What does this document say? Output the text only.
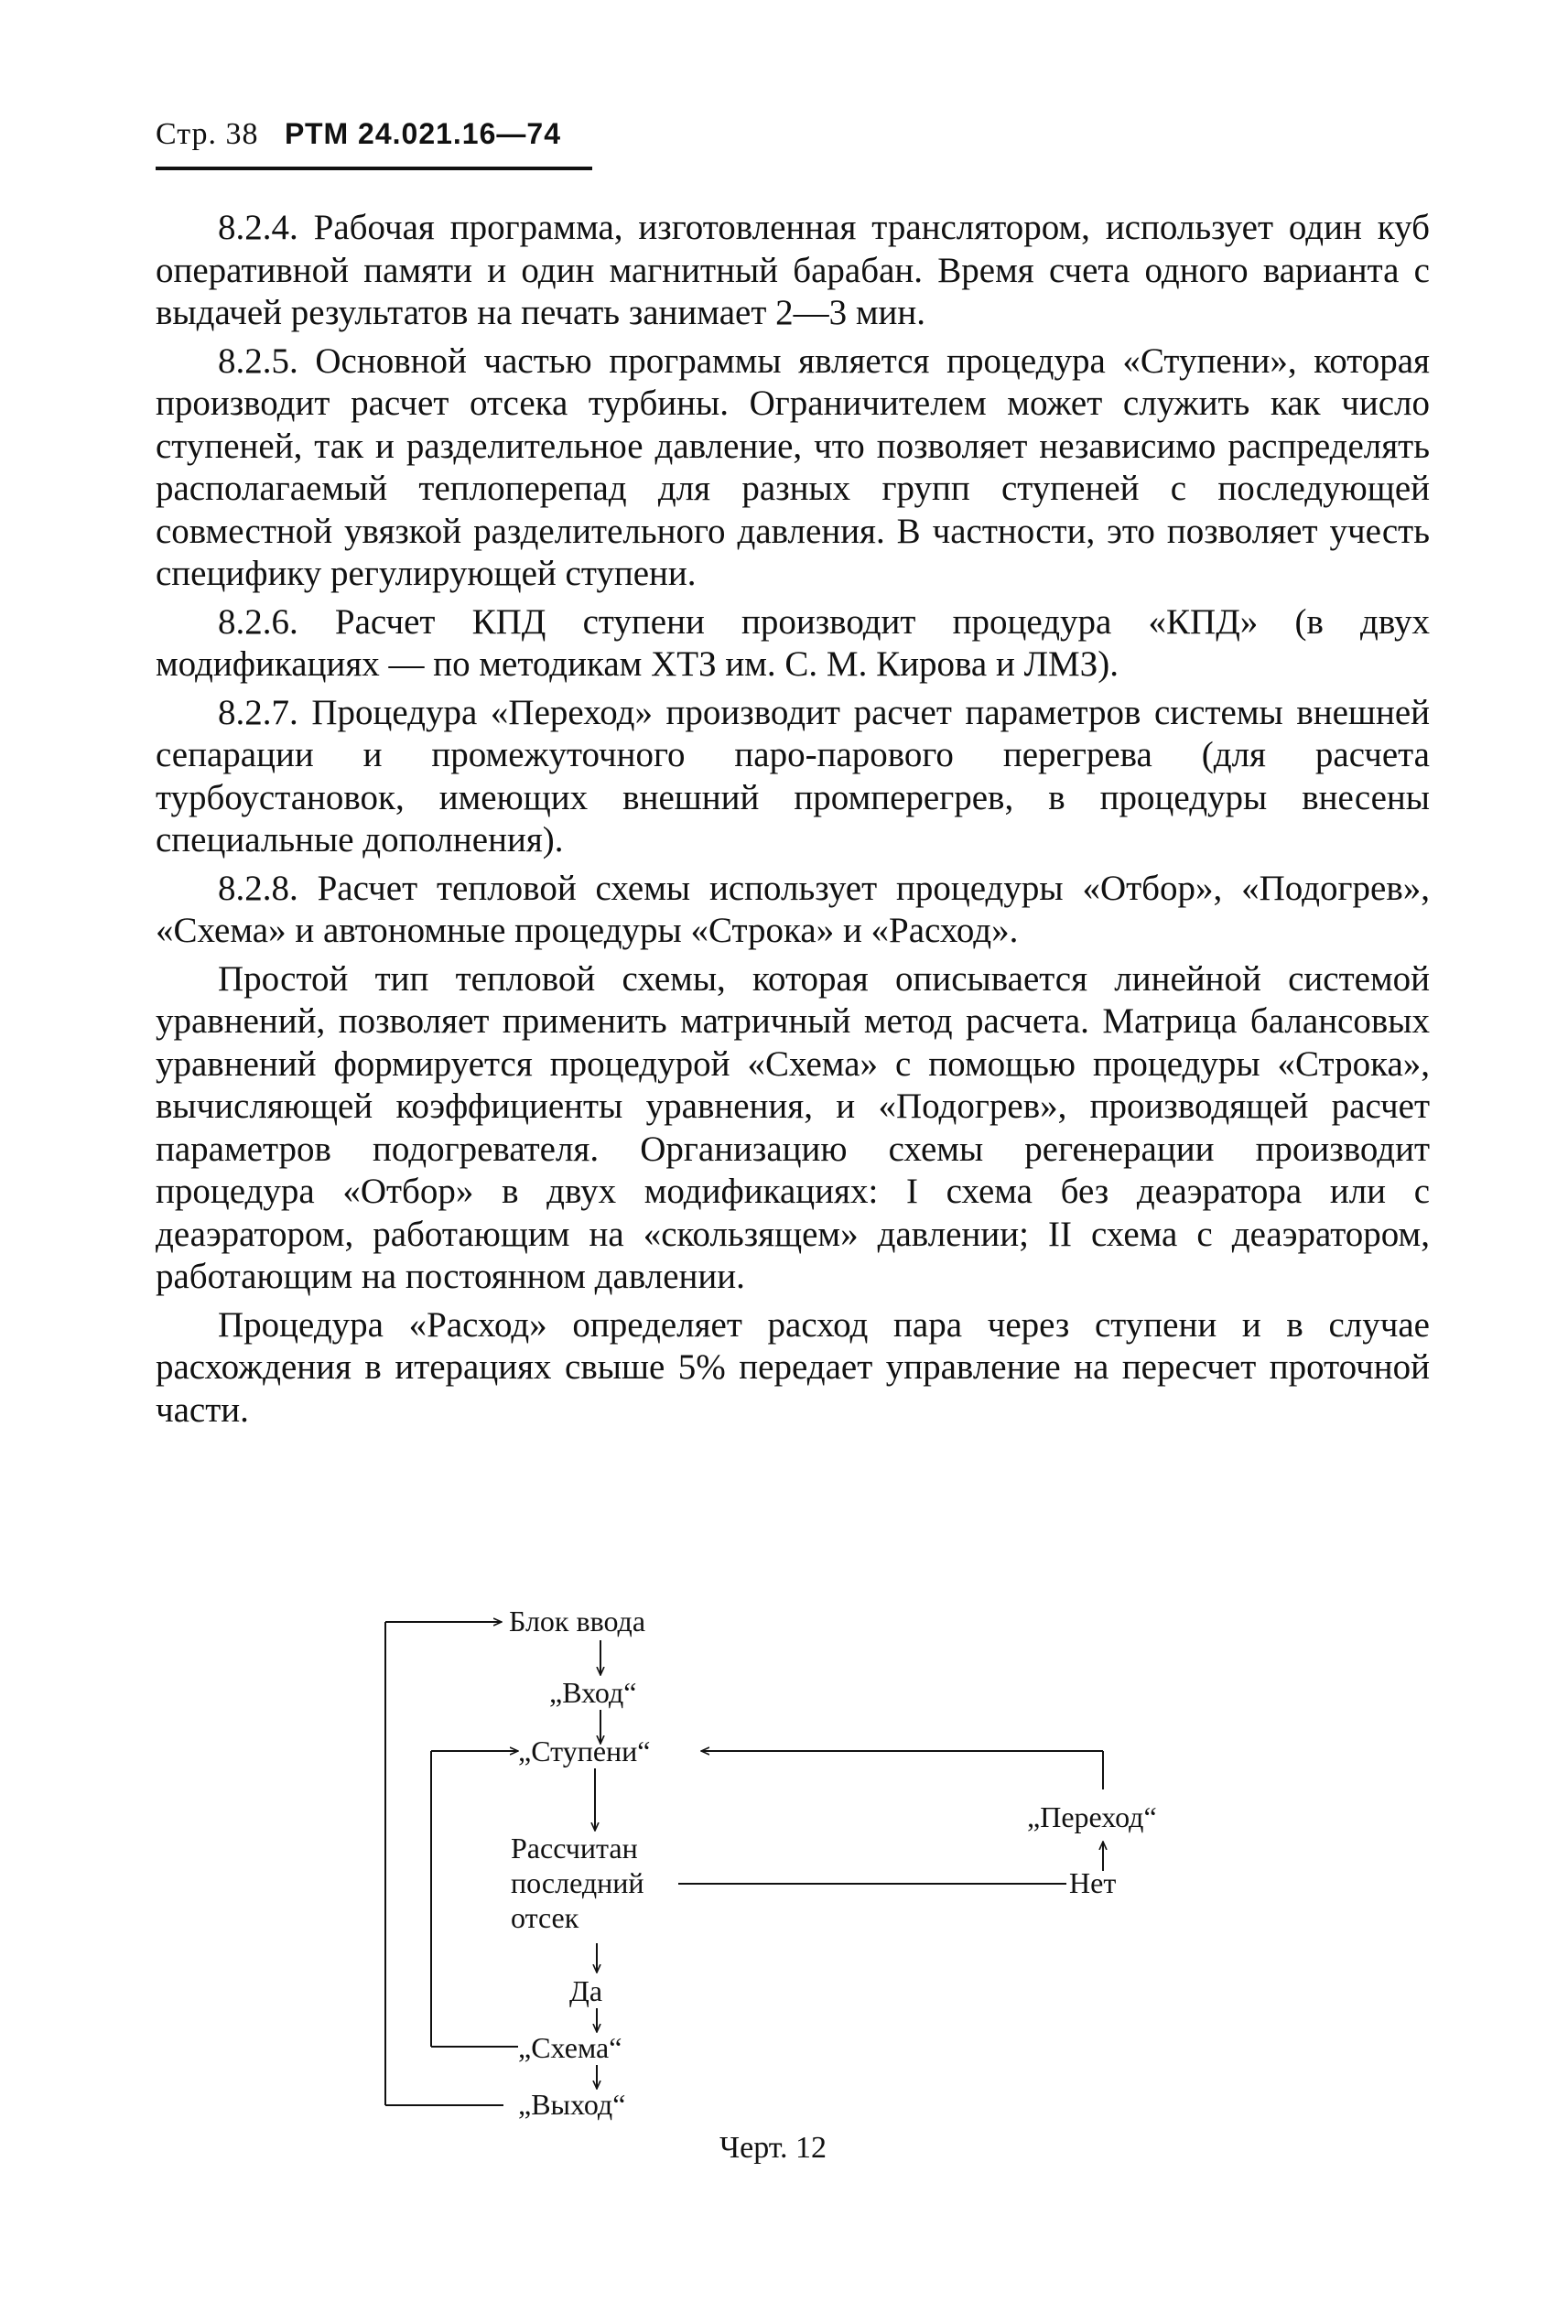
Стр. 38 РТМ 24.021.16—74

8.2.4. Рабочая программа, изготовленная транслятором, использует один куб оперативной памяти и один магнитный барабан. Время счета одного варианта с выдачей результатов на печать занимает 2—3 мин.

8.2.5. Основной частью программы является процедура «Ступени», которая производит расчет отсека турбины. Ограничителем может служить как число ступеней, так и разделительное давление, что позволяет независимо распределять располагаемый теплоперепад для разных групп ступеней с последующей совместной увязкой разделительного давления. В частности, это позволяет учесть специфику регулирующей ступени.

8.2.6. Расчет КПД ступени производит процедура «КПД» (в двух модификациях — по методикам ХТЗ им. С. М. Кирова и ЛМЗ).

8.2.7. Процедура «Переход» производит расчет параметров системы внешней сепарации и промежуточного паро-парового перегрева (для расчета турбоустановок, имеющих внешний промперегрев, в процедуры внесены специальные дополнения).

8.2.8. Расчет тепловой схемы использует процедуры «Отбор», «Подогрев», «Схема» и автономные процедуры «Строка» и «Расход».

Простой тип тепловой схемы, которая описывается линейной системой уравнений, позволяет применить матричный метод расчета. Матрица балансовых уравнений формируется процедурой «Схема» с помощью процедуры «Строка», вычисляющей коэффициенты уравнения, и «Подогрев», производящей расчет параметров подогревателя. Организацию схемы регенерации производит процедура «Отбор» в двух модификациях: I схема без деаэратора или с деаэратором, работающим на «скользящем» давлении; II схема с деаэратором, работающим на постоянном давлении.

Процедура «Расход» определяет расход пара через ступени и в случае расхождения в итерациях свыше 5% передает управление на пересчет проточной части.

Блок ввода
„Вход“
„Ступени“
„Переход“
Рассчитан
последний
отсек
Нет
Да
„Схема“
„Выход“
Черт. 12
